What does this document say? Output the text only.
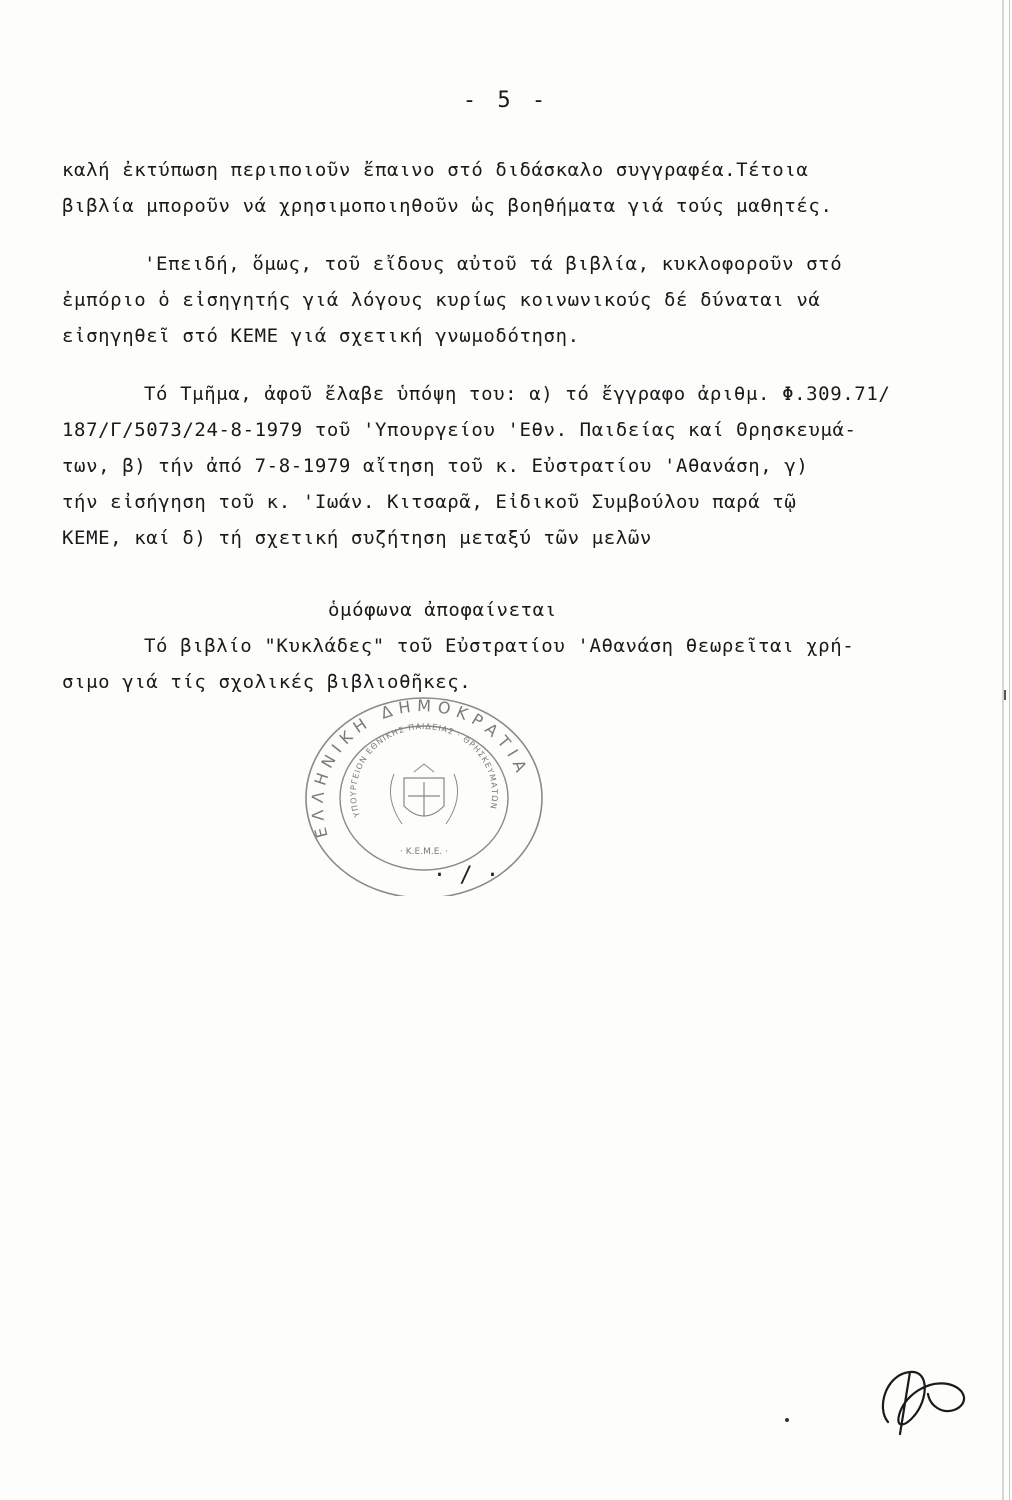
- 5 -
καλή ἐκτύπωση περιποιοῦν ἔπαινο στό διδάσκαλο συγγραφέα.Τέτοια
βιβλία μποροῦν νά χρησιμοποιηθοῦν ὡς βοηθήματα γιά τούς μαθητές.
'Επειδή, ὅμως, τοῦ εἴδους αὐτοῦ τά βιβλία, κυκλοφοροῦν στό
ἐμπόριο ὁ εἰσηγητής γιά λόγους κυρίως κοινωνικούς δέ δύναται νά
εἰσηγηθεῖ στό ΚΕΜΕ γιά σχετική γνωμοδότηση.
Τό Τμῆμα, ἀφοῦ ἔλαβε ὑπόψη του: α) τό ἔγγραφο ἀριθμ. Φ.309.71/
187/Γ/5073/24-8-1979 τοῦ 'Υπουργείου 'Εθν. Παιδείας καί Θρησκευμά-
των, β) τήν ἀπό 7-8-1979 αἴτηση τοῦ κ. Εὐστρατίου 'Αθανάση, γ)
τήν εἰσήγηση τοῦ κ. 'Ιωάν. Κιτσαρᾶ, Εἰδικοῦ Συμβούλου παρά τῷ
ΚΕΜΕ, καί δ) τή σχετική συζήτηση μεταξύ τῶν μελῶν
ὁμόφωνα ἀποφαίνεται
Τό βιβλίο "Κυκλάδες" τοῦ Εὐστρατίου 'Αθανάση θεωρεῖται χρή-
σιμο γιά τίς σχολικές βιβλιοθῆκες.
ΕΛΛΗΝΙΚΗ ΔΗΜΟΚΡΑΤΙΑ
ΥΠΟΥΡΓΕΙΟΝ ΕΘΝΙΚΗΣ ΠΑΙΔΕΙΑΣ · ΘΡΗΣΚΕΥΜΑΤΩΝ
· Κ.Ε.Μ.Ε. ·
· / ·
